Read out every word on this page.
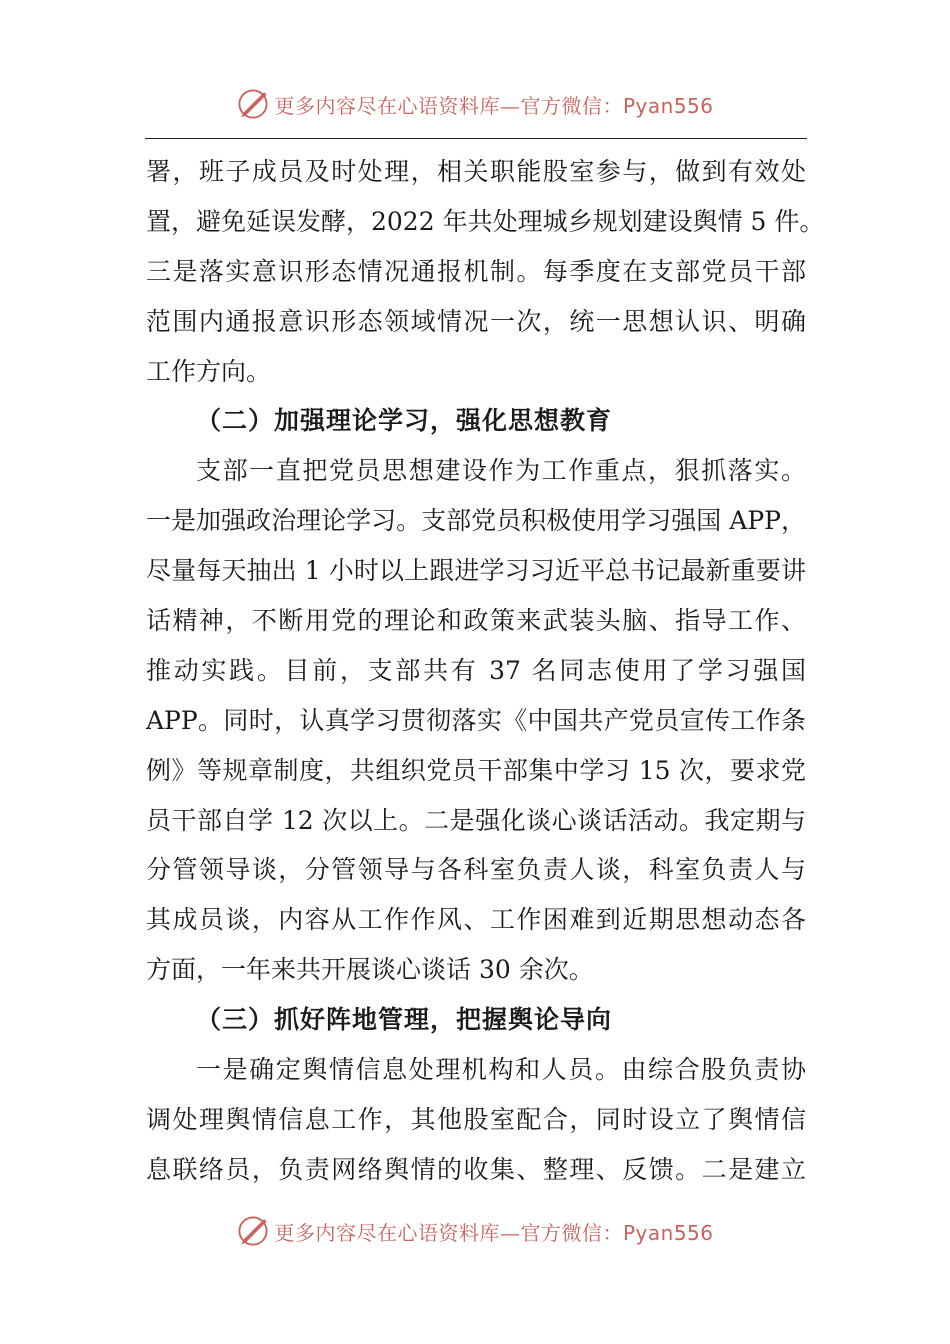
更多内容尽在心语资料库—官方微信：Pyan556
署，班子成员及时处理，相关职能股室参与，做到有效处
置，避免延误发酵，2022 年共处理城乡规划建设舆情 5 件。
三是落实意识形态情况通报机制。每季度在支部党员干部
范围内通报意识形态领域情况一次，统一思想认识、明确
工作方向。
（二）加强理论学习，强化思想教育
支部一直把党员思想建设作为工作重点，狠抓落实。
一是加强政治理论学习。支部党员积极使用学习强国 APP，
尽量每天抽出 1 小时以上跟进学习习近平总书记最新重要讲
话精神，不断用党的理论和政策来武装头脑、指导工作、
推动实践。目前，支部共有 37 名同志使用了学习强国
APP。同时，认真学习贯彻落实《中国共产党员宣传工作条
例》等规章制度，共组织党员干部集中学习 15 次，要求党
员干部自学 12 次以上。二是强化谈心谈话活动。我定期与
分管领导谈，分管领导与各科室负责人谈，科室负责人与
其成员谈，内容从工作作风、工作困难到近期思想动态各
方面，一年来共开展谈心谈话 30 余次。
（三）抓好阵地管理，把握舆论导向
一是确定舆情信息处理机构和人员。由综合股负责协
调处理舆情信息工作，其他股室配合，同时设立了舆情信
息联络员，负责网络舆情的收集、整理、反馈。二是建立
更多内容尽在心语资料库—官方微信：Pyan556
